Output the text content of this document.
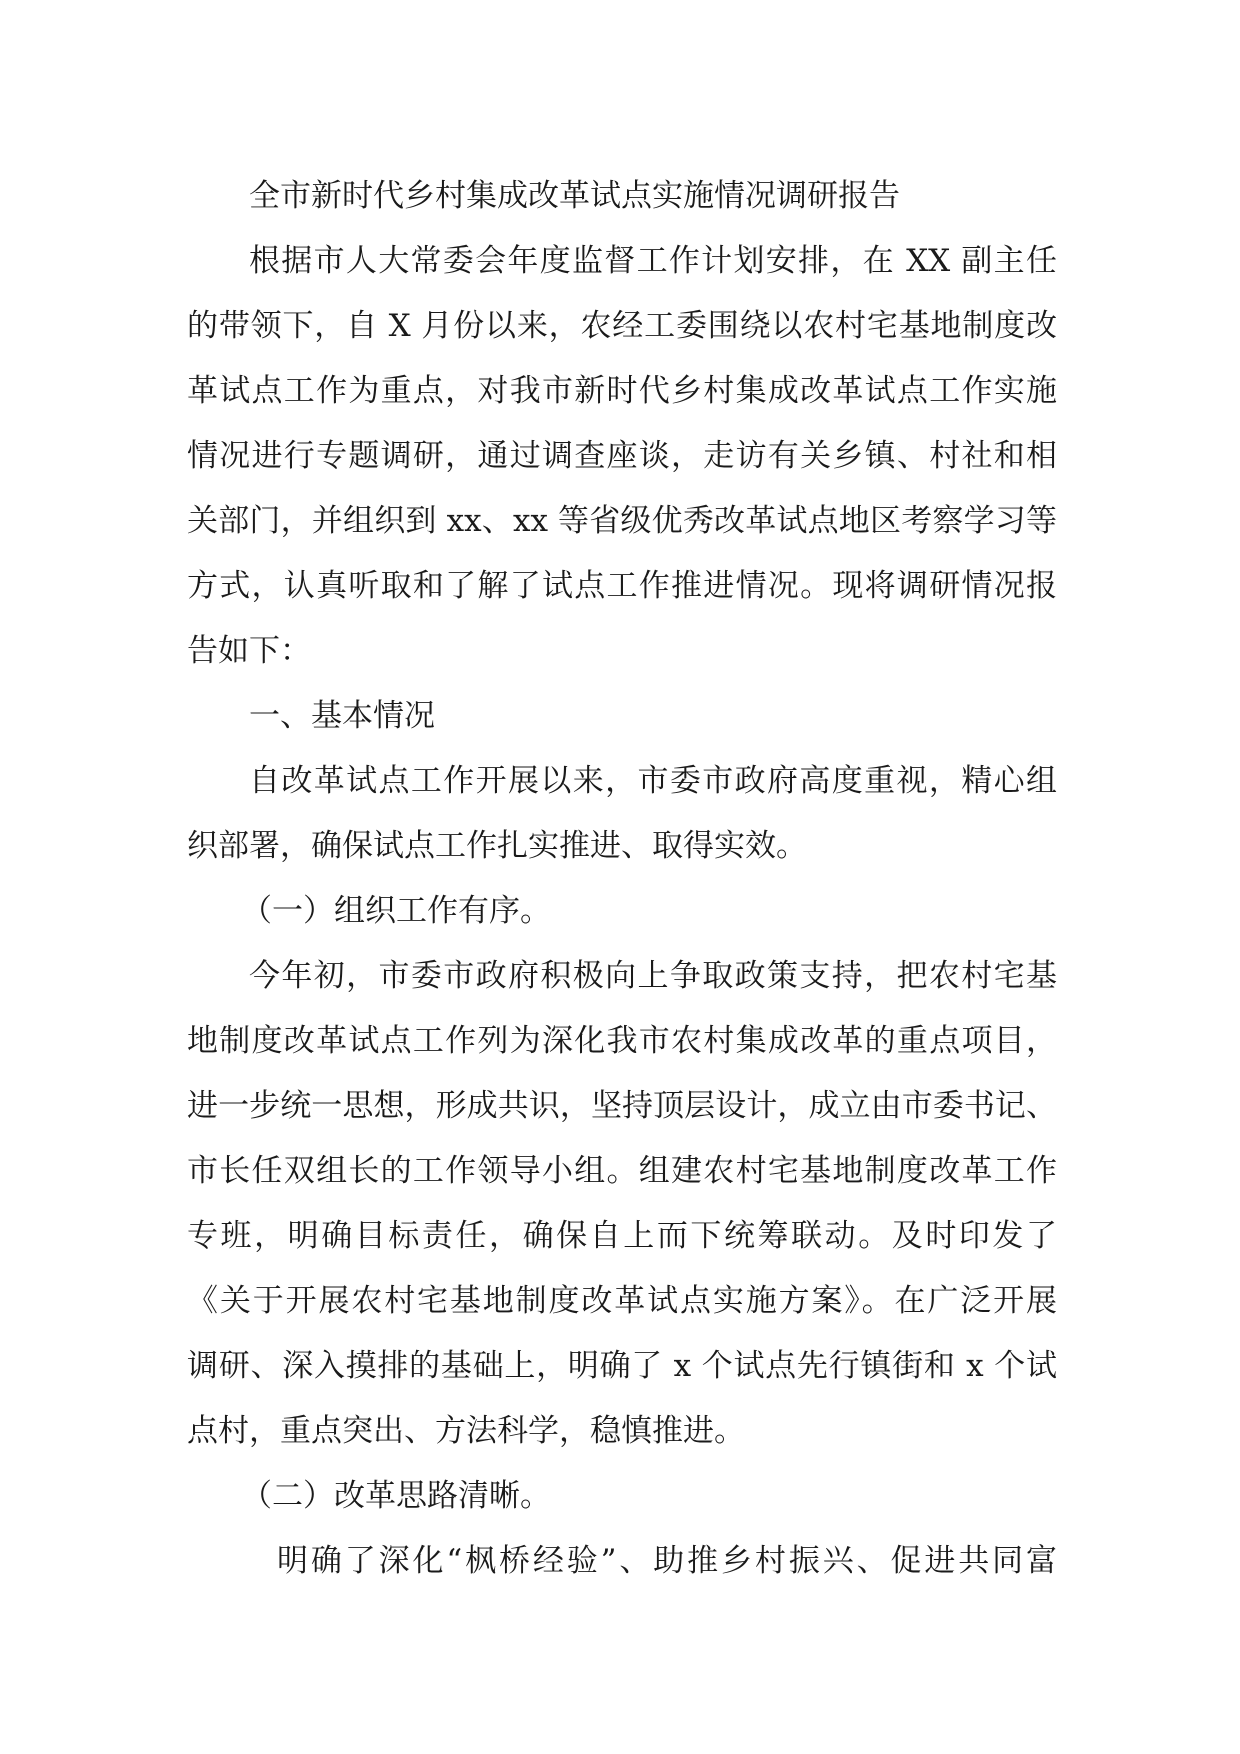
全市新时代乡村集成改革试点实施情况调研报告
根据市人大常委会年度监督工作计划安排，在 XX 副主任
的带领下，自 X 月份以来，农经工委围绕以农村宅基地制度改
革试点工作为重点，对我市新时代乡村集成改革试点工作实施
情况进行专题调研，通过调查座谈，走访有关乡镇、村社和相
关部门，并组织到 xx、xx 等省级优秀改革试点地区考察学习等
方式，认真听取和了解了试点工作推进情况。现将调研情况报
告如下：
一、基本情况
自改革试点工作开展以来，市委市政府高度重视，精心组
织部署，确保试点工作扎实推进、取得实效。
（一）组织工作有序。
今年初，市委市政府积极向上争取政策支持，把农村宅基
地制度改革试点工作列为深化我市农村集成改革的重点项目，
进一步统一思想，形成共识，坚持顶层设计，成立由市委书记、
市长任双组长的工作领导小组。组建农村宅基地制度改革工作
专班，明确目标责任，确保自上而下统筹联动。及时印发了
《关于开展农村宅基地制度改革试点实施方案》。在广泛开展
调研、深入摸排的基础上，明确了 x 个试点先行镇街和 x 个试
点村，重点突出、方法科学，稳慎推进。
（二）改革思路清晰。
明确了深化“枫桥经验”、助推乡村振兴、促进共同富
